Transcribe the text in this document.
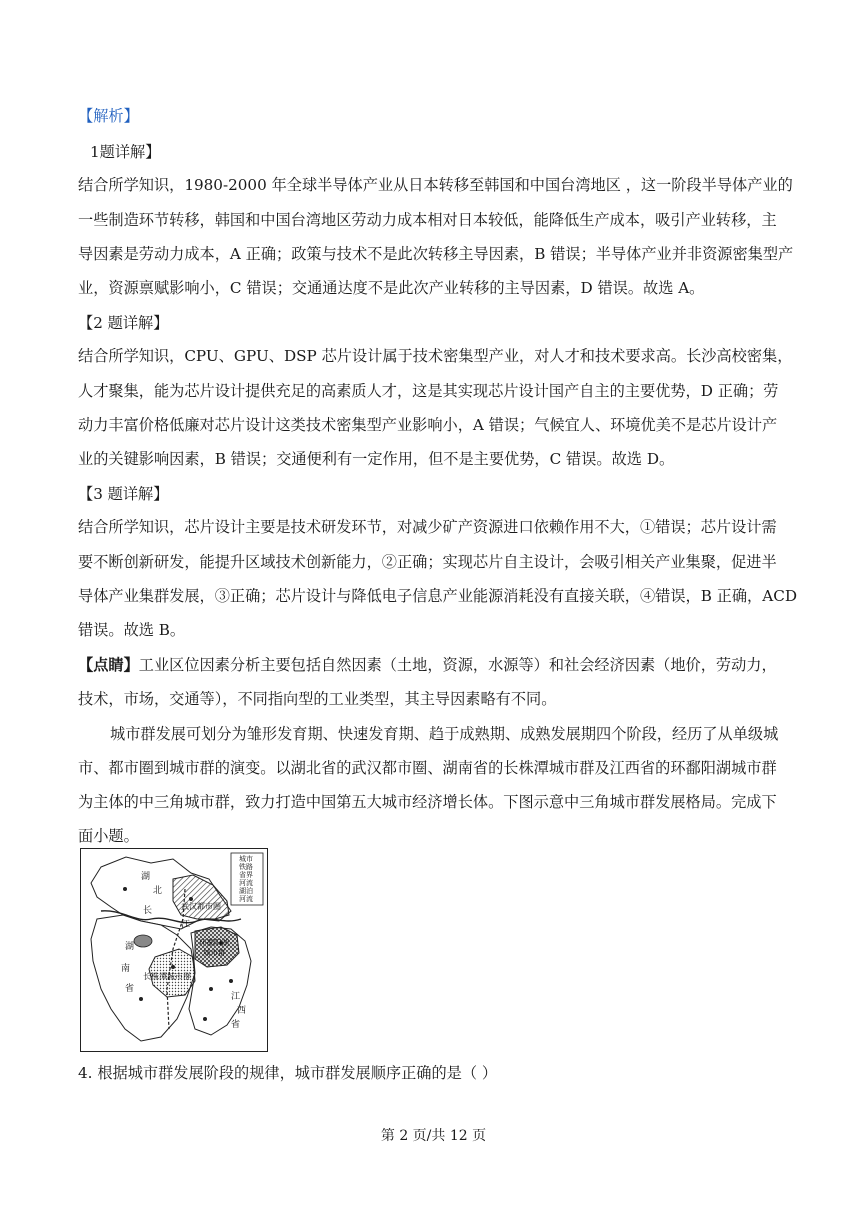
【解析】
1题详解】
结合所学知识，1980-2000 年全球半导体产业从日本转移至韩国和中国台湾地区 ，这一阶段半导体产业的
一些制造环节转移，韩国和中国台湾地区劳动力成本相对日本较低，能降低生产成本，吸引产业转移，主
导因素是劳动力成本，A 正确；政策与技术不是此次转移主导因素，B 错误；半导体产业并非资源密集型产
业，资源禀赋影响小，C 错误；交通通达度不是此次产业转移的主导因素，D 错误。故选 A。
【2 题详解】
结合所学知识，CPU、GPU、DSP 芯片设计属于技术密集型产业，对人才和技术要求高。长沙高校密集，
人才聚集，能为芯片设计提供充足的高素质人才，这是其实现芯片设计国产自主的主要优势，D 正确；劳
动力丰富价格低廉对芯片设计这类技术密集型产业影响小，A 错误；气候宜人、环境优美不是芯片设计产
业的关键影响因素，B 错误；交通便利有一定作用，但不是主要优势，C 错误。故选 D。
【3 题详解】
结合所学知识，芯片设计主要是技术研发环节，对减少矿产资源进口依赖作用不大，①错误；芯片设计需
要不断创新研发，能提升区域技术创新能力，②正确；实现芯片自主设计，会吸引相关产业集聚，促进半
导体产业集群发展，③正确；芯片设计与降低电子信息产业能源消耗没有直接关联，④错误，B 正确，ACD
错误。故选 B。
【点睛】工业区位因素分析主要包括自然因素（土地，资源，水源等）和社会经济因素（地价，劳动力，
技术，市场，交通等），不同指向型的工业类型，其主导因素略有不同。
城市群发展可划分为雏形发育期、快速发育期、趋于成熟期、成熟发展期四个阶段，经历了从单级城
市、都市圈到城市群的演变。以湖北省的武汉都市圈、湖南省的长株潭城市群及江西省的环鄱阳湖城市群
为主体的中三角城市群，致力打造中国第五大城市经济增长体。下图示意中三角城市群发展格局。完成下
面小题。
城市
铁路
省界
河流
湖泊
河流
湖
北
长
江
武汉都市圈
湖
南
省
长株潭城市群
环鄱阳湖
城市群
江
西
省
4. 根据城市群发展阶段的规律，城市群发展顺序正确的是（ ）
第 2 页/共 12 页
